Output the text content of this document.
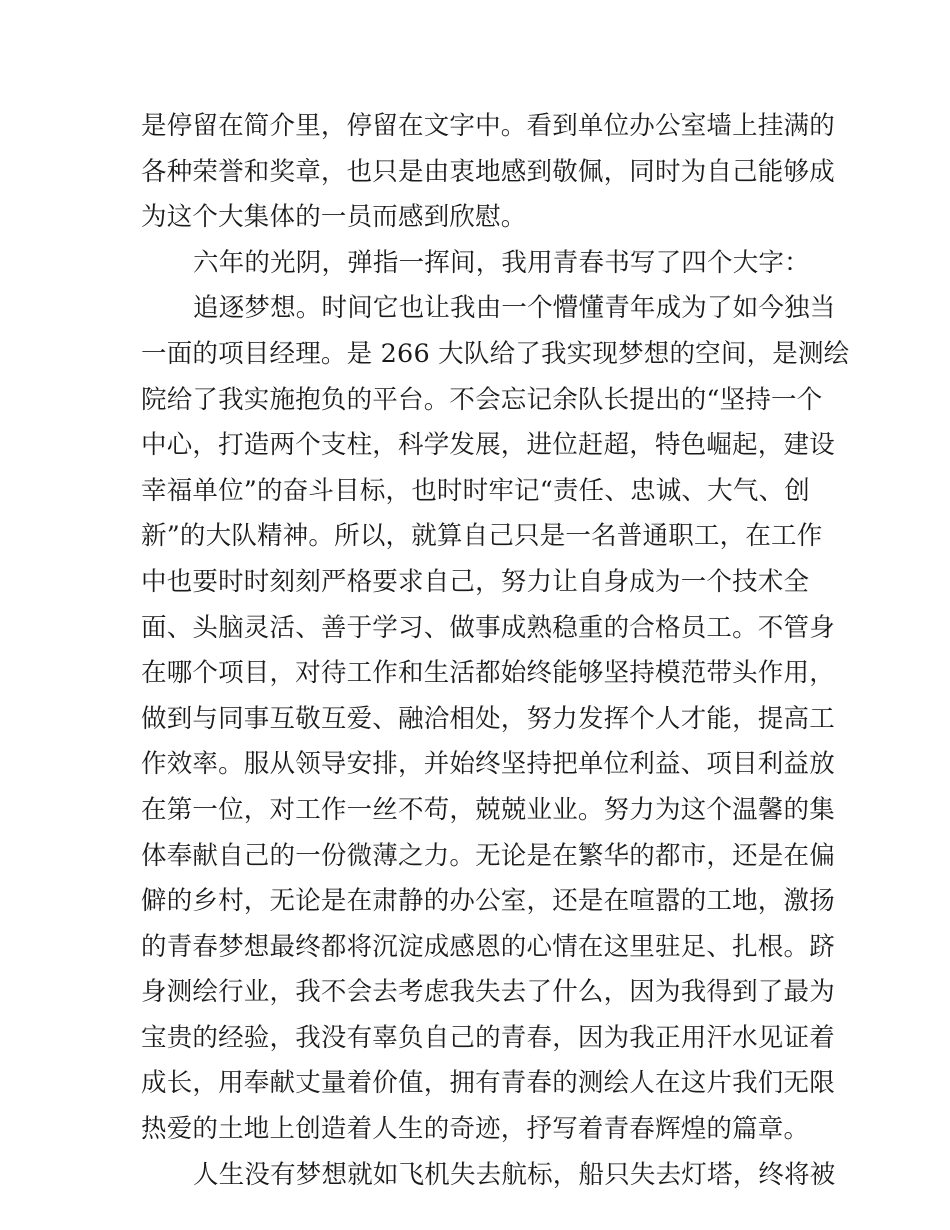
是停留在简介里，停留在文字中。看到单位办公室墙上挂满的
各种荣誉和奖章，也只是由衷地感到敬佩，同时为自己能够成
为这个大集体的一员而感到欣慰。
六年的光阴，弹指一挥间，我用青春书写了四个大字：
追逐梦想。时间它也让我由一个懵懂青年成为了如今独当
一面的项目经理。是 266 大队给了我实现梦想的空间，是测绘
院给了我实施抱负的平台。不会忘记余队长提出的“坚持一个
中心，打造两个支柱，科学发展，进位赶超，特色崛起，建设
幸福单位”的奋斗目标，也时时牢记“责任、忠诚、大气、创
新”的大队精神。所以，就算自己只是一名普通职工，在工作
中也要时时刻刻严格要求自己，努力让自身成为一个技术全
面、头脑灵活、善于学习、做事成熟稳重的合格员工。不管身
在哪个项目，对待工作和生活都始终能够坚持模范带头作用，
做到与同事互敬互爱、融洽相处，努力发挥个人才能，提高工
作效率。服从领导安排，并始终坚持把单位利益、项目利益放
在第一位，对工作一丝不苟，兢兢业业。努力为这个温馨的集
体奉献自己的一份微薄之力。无论是在繁华的都市，还是在偏
僻的乡村，无论是在肃静的办公室，还是在喧嚣的工地，激扬
的青春梦想最终都将沉淀成感恩的心情在这里驻足、扎根。跻
身测绘行业，我不会去考虑我失去了什么，因为我得到了最为
宝贵的经验，我没有辜负自己的青春，因为我正用汗水见证着
成长，用奉献丈量着价值，拥有青春的测绘人在这片我们无限
热爱的土地上创造着人生的奇迹，抒写着青春辉煌的篇章。
人生没有梦想就如飞机失去航标，船只失去灯塔，终将被
